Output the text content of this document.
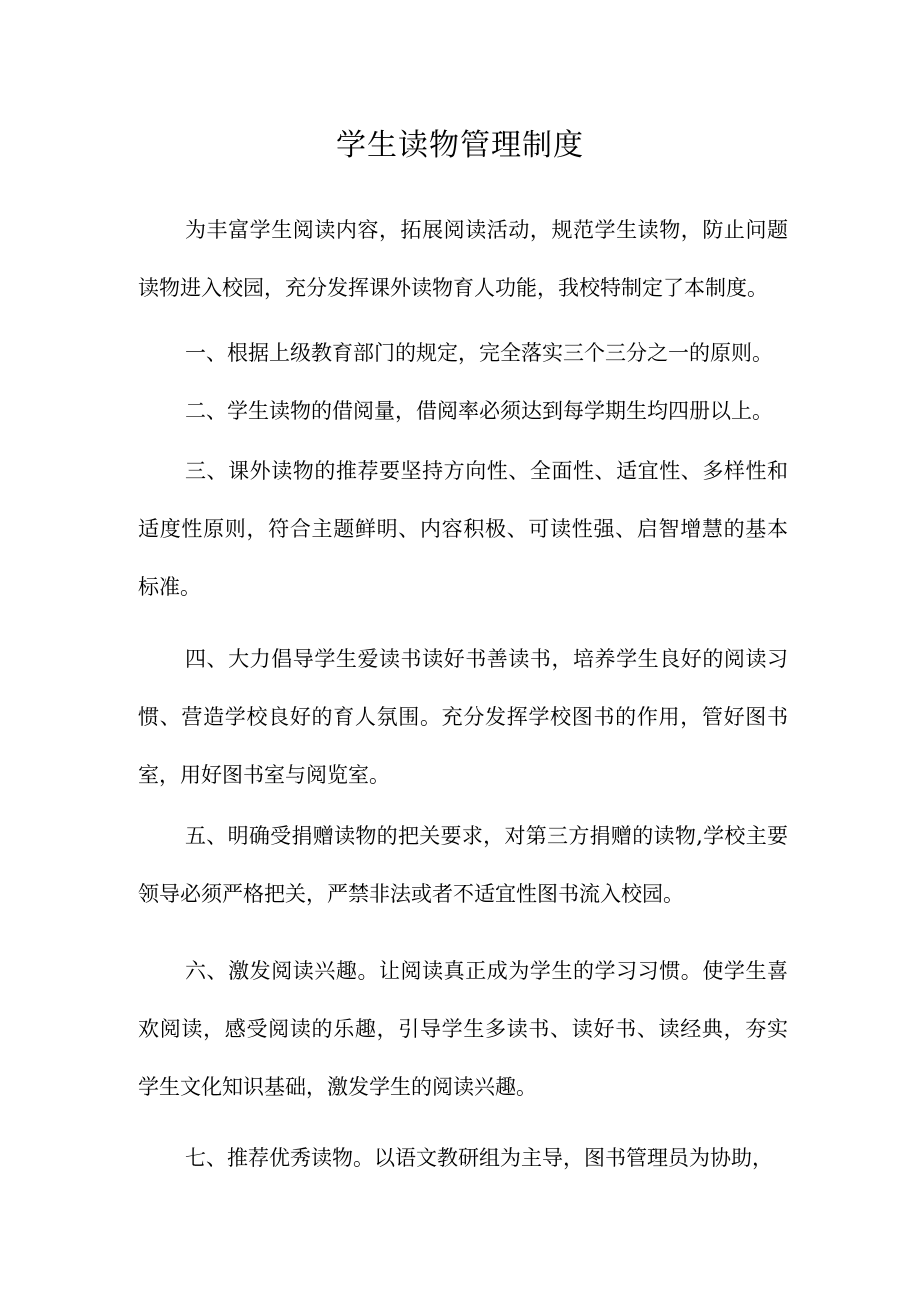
学生读物管理制度

为丰富学生阅读内容，拓展阅读活动，规范学生读物，防止问题读物进入校园，充分发挥课外读物育人功能，我校特制定了本制度。

一、根据上级教育部门的规定，完全落实三个三分之一的原则。

二、学生读物的借阅量，借阅率必须达到每学期生均四册以上。

三、课外读物的推荐要坚持方向性、全面性、适宜性、多样性和适度性原则，符合主题鲜明、内容积极、可读性强、启智增慧的基本标准。

四、大力倡导学生爱读书读好书善读书，培养学生良好的阅读习惯、营造学校良好的育人氛围。充分发挥学校图书的作用，管好图书室，用好图书室与阅览室。

五、明确受捐赠读物的把关要求，对第三方捐赠的读物,学校主要领导必须严格把关，严禁非法或者不适宜性图书流入校园。

六、激发阅读兴趣。让阅读真正成为学生的学习习惯。使学生喜欢阅读，感受阅读的乐趣，引导学生多读书、读好书、读经典，夯实学生文化知识基础，激发学生的阅读兴趣。

七、推荐优秀读物。以语文教研组为主导，图书管理员为协助，
